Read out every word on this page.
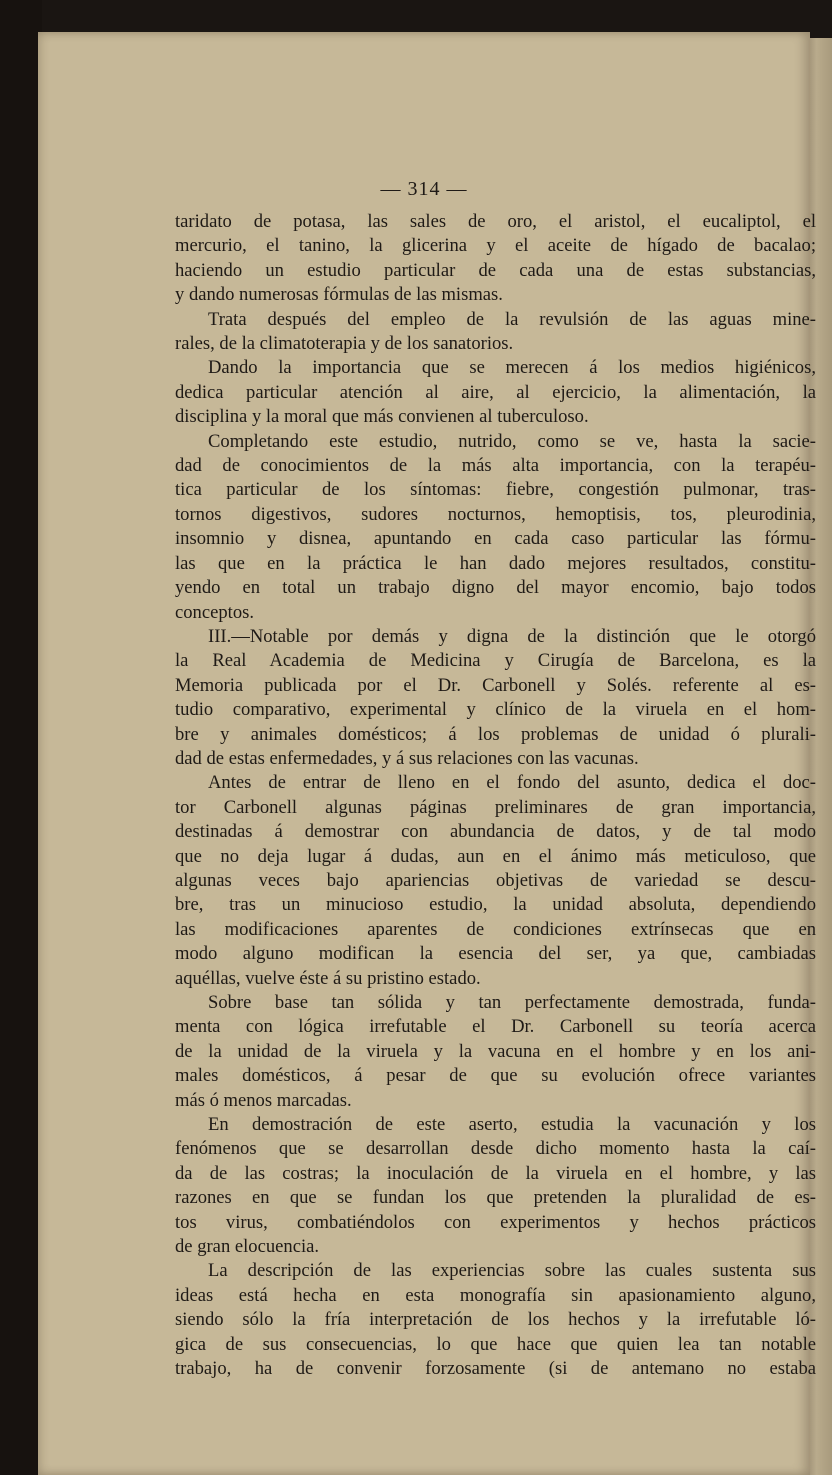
— 314 —

taridato de potasa, las sales de oro, el aristol, el eucaliptol, el

mercurio, el tanino, la glicerina y el aceite de hígado de bacalao;

haciendo un estudio particular de cada una de estas substancias,

y dando numerosas fórmulas de las mismas.

Trata después del empleo de la revulsión de las aguas mine-

rales, de la climatoterapia y de los sanatorios.

Dando la importancia que se merecen á los medios higiénicos,

dedica particular atención al aire, al ejercicio, la alimentación, la

disciplina y la moral que más convienen al tuberculoso.

Completando este estudio, nutrido, como se ve, hasta la sacie-

dad de conocimientos de la más alta importancia, con la terapéu-

tica particular de los síntomas: fiebre, congestión pulmonar, tras-

tornos digestivos, sudores nocturnos, hemoptisis, tos, pleurodinia,

insomnio y disnea, apuntando en cada caso particular las fórmu-

las que en la práctica le han dado mejores resultados, constitu-

yendo en total un trabajo digno del mayor encomio, bajo todos

conceptos.

III.—Notable por demás y digna de la distinción que le otorgó

la Real Academia de Medicina y Cirugía de Barcelona, es la

Memoria publicada por el Dr. Carbonell y Solés. referente al es-

tudio comparativo, experimental y clínico de la viruela en el hom-

bre y animales domésticos; á los problemas de unidad ó plurali-

dad de estas enfermedades, y á sus relaciones con las vacunas.

Antes de entrar de lleno en el fondo del asunto, dedica el doc-

tor Carbonell algunas páginas preliminares de gran importancia,

destinadas á demostrar con abundancia de datos, y de tal modo

que no deja lugar á dudas, aun en el ánimo más meticuloso, que

algunas veces bajo apariencias objetivas de variedad se descu-

bre, tras un minucioso estudio, la unidad absoluta, dependiendo

las modificaciones aparentes de condiciones extrínsecas que en

modo alguno modifican la esencia del ser, ya que, cambiadas

aquéllas, vuelve éste á su pristino estado.

Sobre base tan sólida y tan perfectamente demostrada, funda-

menta con lógica irrefutable el Dr. Carbonell su teoría acerca

de la unidad de la viruela y la vacuna en el hombre y en los ani-

males domésticos, á pesar de que su evolución ofrece variantes

más ó menos marcadas.

En demostración de este aserto, estudia la vacunación y los

fenómenos que se desarrollan desde dicho momento hasta la caí-

da de las costras; la inoculación de la viruela en el hombre, y las

razones en que se fundan los que pretenden la pluralidad de es-

tos virus, combatiéndolos con experimentos y hechos prácticos

de gran elocuencia.

La descripción de las experiencias sobre las cuales sustenta sus

ideas está hecha en esta monografía sin apasionamiento alguno,

siendo sólo la fría interpretación de los hechos y la irrefutable ló-

gica de sus consecuencias, lo que hace que quien lea tan notable

trabajo, ha de convenir forzosamente (si de antemano no estaba
